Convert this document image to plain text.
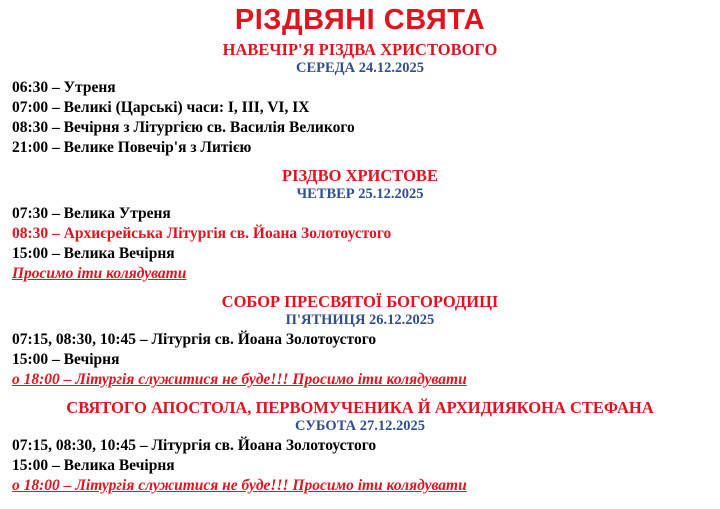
РІЗДВЯНІ СВЯТА
НАВЕЧІР'Я РІЗДВА ХРИСТОВОГО
СЕРЕДА 24.12.2025
06:30 – Утреня
07:00 – Великі (Царські) часи: I, III, VI, IX
08:30 – Вечірня з Літургією св. Василія Великого
21:00 – Велике Повечір'я з Литією
РІЗДВО ХРИСТОВЕ
ЧЕТВЕР 25.12.2025
07:30 – Велика Утреня
08:30 – Архиєрейська Літургія св. Йоана Золотоустого
15:00 – Велика Вечірня
Просимо іти колядувати
СОБОР ПРЕСВЯТОЇ БОГОРОДИЦІ
П'ЯТНИЦЯ 26.12.2025
07:15, 08:30, 10:45 – Літургія св. Йоана Золотоустого
15:00 – Вечірня
о 18:00 – Літургія служитися не буде!!! Просимо іти колядувати
СВЯТОГО АПОСТОЛА, ПЕРВОМУЧЕНИКА Й АРХИДИЯКОНА СТЕФАНА
СУБОТА 27.12.2025
07:15, 08:30, 10:45 – Літургія св. Йоана Золотоустого
15:00 – Велика Вечірня
о 18:00 – Літургія служитися не буде!!! Просимо іти колядувати
